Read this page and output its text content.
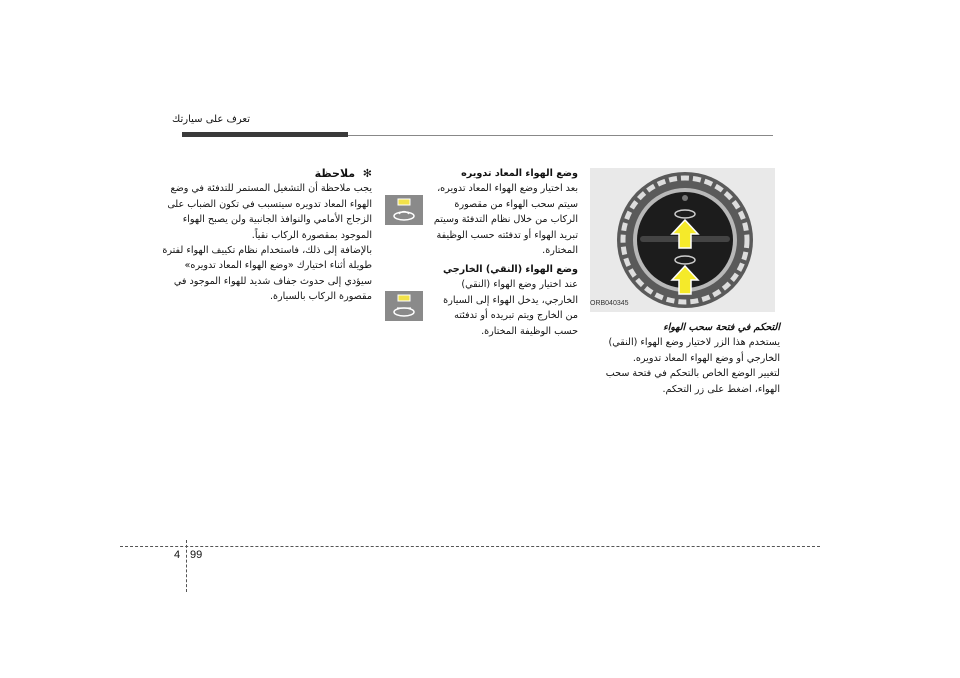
تعرف على سيارتك
✻  ملاحظة
يجب ملاحظة أن التشغيل المستمر للتدفئة في وضع الهواء المعاد تدويره سيتسبب في تكون الضباب على الزجاج الأمامي والنوافذ الجانبية ولن يصبح الهواء الموجود بمقصورة الركاب نقياً.
بالإضافة إلى ذلك، فاستخدام نظام تكييف الهواء لفترة طويلة أثناء اختيارك «وضع الهواء المعاد تدويره» سيؤدي إلى حدوث جفاف شديد للهواء الموجود في مقصورة الركاب بالسيارة.
وضع الهواء المعاد تدويره
بعد اختيار وضع الهواء المعاد تدويره، سيتم سحب الهواء من مقصورة الركاب من خلال نظام التدفئة وسيتم تبريد الهواء أو تدفئته حسب الوظيفة المختارة.
وضع الهواء (النقي) الخارجي
عند اختيار وضع الهواء (النقي) الخارجي، يدخل الهواء إلى السيارة من الخارج ويتم تبريده أو تدفئته حسب الوظيفة المختارة.
ORB040345
التحكم في فتحة سحب الهواء
يستخدم هذا الزر لاختيار وضع الهواء (النقي) الخارجي أو وضع الهواء المعاد تدويره.
لتغيير الوضع الخاص بالتحكم في فتحة سحب الهواء، اضغط على زر التحكم.
4 99
